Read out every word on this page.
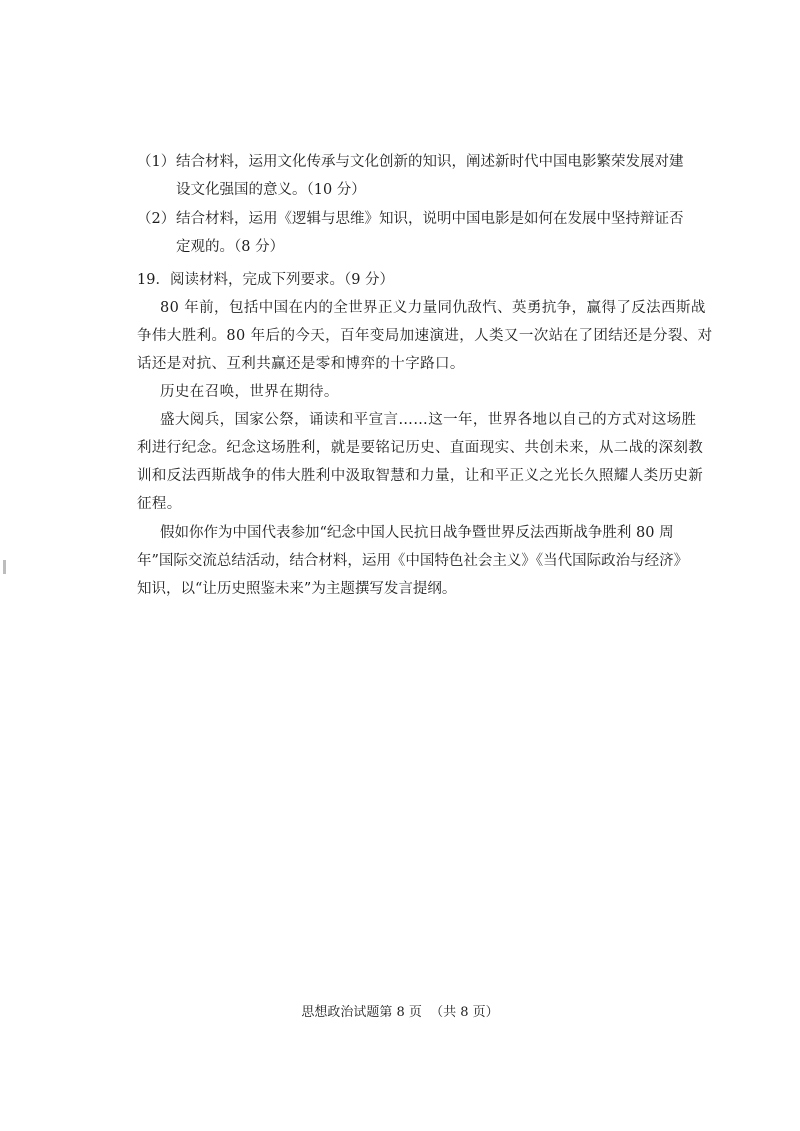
（1） 结合材料，运用文化传承与文化创新的知识，阐述新时代中国电影繁荣发展对建
设文化强国的意义。（10 分）
（2） 结合材料，运用《逻辑与思维》知识，说明中国电影是如何在发展中坚持辩证否
定观的。（8 分）
19．阅读材料，完成下列要求。（9 分）
80 年前，包括中国在内的全世界正义力量同仇敌忾、英勇抗争，赢得了反法西斯战
争伟大胜利。80 年后的今天，百年变局加速演进，人类又一次站在了团结还是分裂、对
话还是对抗、互利共赢还是零和博弈的十字路口。
历史在召唤，世界在期待。
盛大阅兵，国家公祭，诵读和平宣言……这一年，世界各地以自己的方式对这场胜
利进行纪念。纪念这场胜利，就是要铭记历史、直面现实、共创未来，从二战的深刻教
训和反法西斯战争的伟大胜利中汲取智慧和力量，让和平正义之光长久照耀人类历史新
征程。
假如你作为中国代表参加“纪念中国人民抗日战争暨世界反法西斯战争胜利 80 周
年”国际交流总结活动，结合材料，运用《中国特色社会主义》《当代国际政治与经济》
知识，以“让历史照鉴未来”为主题撰写发言提纲。
思想政治试题第 8 页  （共 8 页）
